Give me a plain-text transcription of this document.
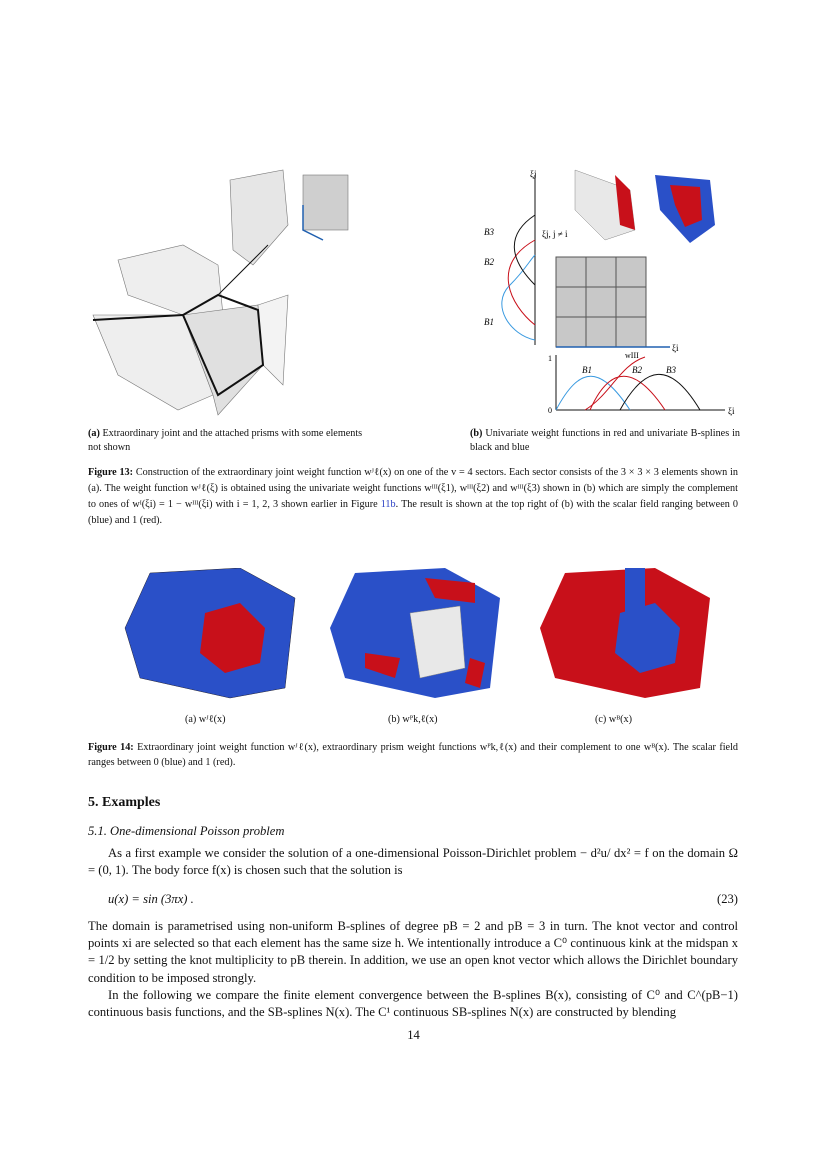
ξj
B1
B2
B3	ξj, j ≠ i
ξi
ξi
1
0
B1	B2	B3
wIII
(a) Extraordinary joint and the attached prisms with some elements not shown
(b) Univariate weight functions in red and univariate B-splines in black and blue
Figure 13: Construction of the extraordinary joint weight function wᴶℓ(x) on one of the v = 4 sectors. Each sector consists of the 3 × 3 × 3 elements shown in (a). The weight function wᴶℓ(ξ) is obtained using the univariate weight functions wᴵᴵᴵ(ξ1), wᴵᴵᴵ(ξ2) and wᴵᴵᴵ(ξ3) shown in (b) which are simply the complement to ones of wᴵ(ξi) = 1 − wᴵᴵᴵ(ξi) with i = 1, 2, 3 shown earlier in Figure 11b. The result is shown at the top right of (b) with the scalar field ranging between 0 (blue) and 1 (red).
(a) wᴶℓ(x)	(b) wᴾk,ℓ(x)	(c) wᴮ(x)
Figure 14: Extraordinary joint weight function wᴶℓ(x), extraordinary prism weight functions wᴾk,ℓ(x) and their complement to one wᴮ(x). The scalar field ranges between 0 (blue) and 1 (red).
5. Examples
5.1. One-dimensional Poisson problem
As a first example we consider the solution of a one-dimensional Poisson-Dirichlet problem − d²u/ dx² = f on the domain Ω = (0, 1). The body force f(x) is chosen such that the solution is
u(x) = sin (3πx) .	(23)
The domain is parametrised using non-uniform B-splines of degree pB = 2 and pB = 3 in turn. The knot vector and control points xi are selected so that each element has the same size h. We intentionally introduce a C⁰ continuous kink at the midspan x = 1/2 by setting the knot multiplicity to pB therein. In addition, we use an open knot vector which allows the Dirichlet boundary condition to be imposed strongly.
In the following we compare the finite element convergence between the B-splines B(x), consisting of C⁰ and C^(pB−1) continuous basis functions, and the SB-splines N(x). The C¹ continuous SB-splines N(x) are constructed by blending
14
